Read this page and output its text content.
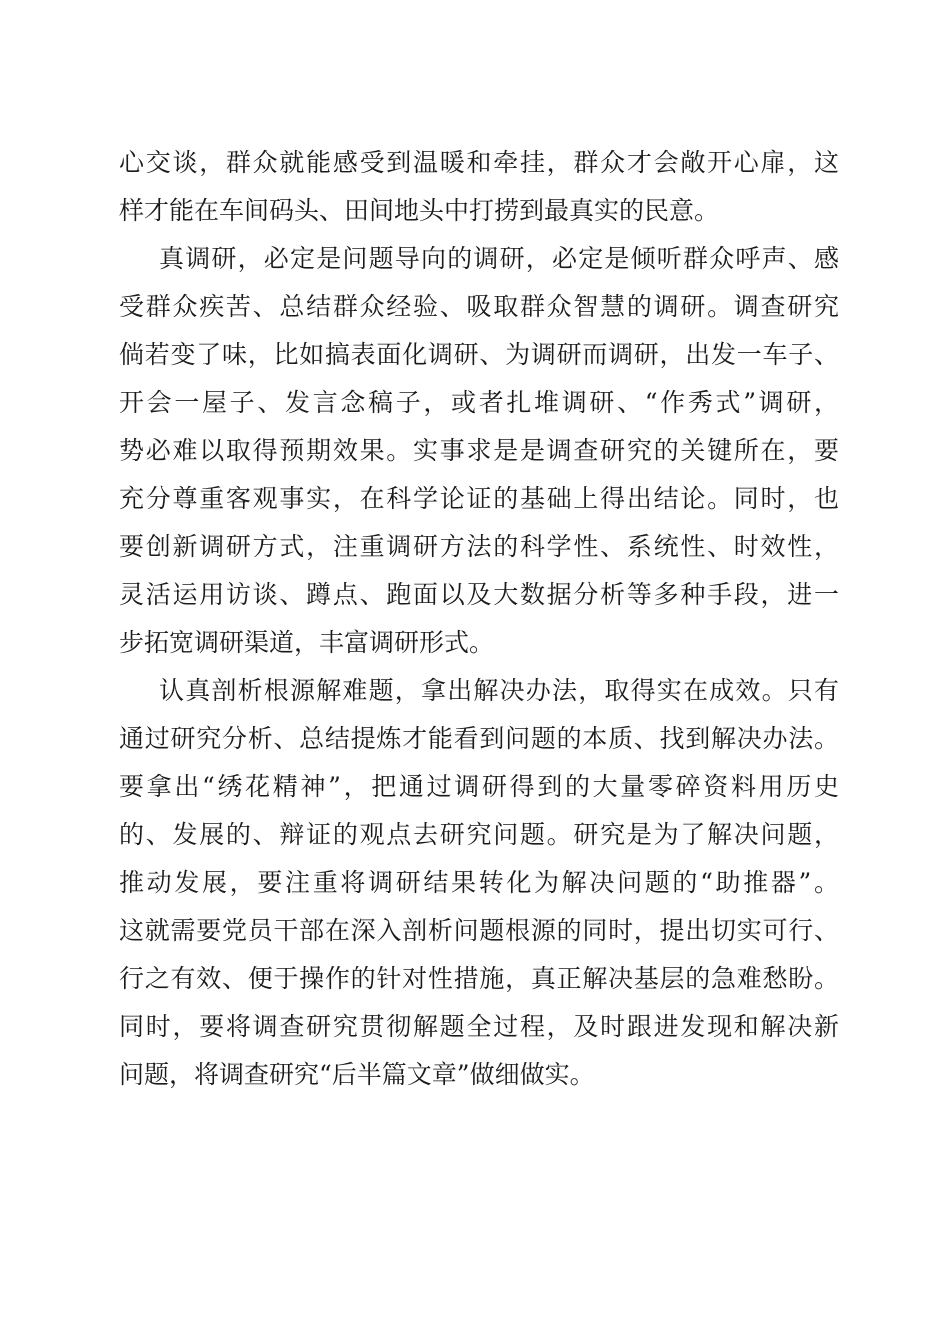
心交谈，群众就能感受到温暖和牵挂，群众才会敞开心扉，这
样才能在车间码头、田间地头中打捞到最真实的民意。
真调研，必定是问题导向的调研，必定是倾听群众呼声、感
受群众疾苦、总结群众经验、吸取群众智慧的调研。调查研究
倘若变了味，比如搞表面化调研、为调研而调研，出发一车子、
开会一屋子、发言念稿子，或者扎堆调研、“作秀式”调研，
势必难以取得预期效果。实事求是是调查研究的关键所在，要
充分尊重客观事实，在科学论证的基础上得出结论。同时，也
要创新调研方式，注重调研方法的科学性、系统性、时效性，
灵活运用访谈、蹲点、跑面以及大数据分析等多种手段，进一
步拓宽调研渠道，丰富调研形式。
认真剖析根源解难题，拿出解决办法，取得实在成效。只有
通过研究分析、总结提炼才能看到问题的本质、找到解决办法。
要拿出“绣花精神”，把通过调研得到的大量零碎资料用历史
的、发展的、辩证的观点去研究问题。研究是为了解决问题，
推动发展，要注重将调研结果转化为解决问题的“助推器”。
这就需要党员干部在深入剖析问题根源的同时，提出切实可行、
行之有效、便于操作的针对性措施，真正解决基层的急难愁盼。
同时，要将调查研究贯彻解题全过程，及时跟进发现和解决新
问题，将调查研究“后半篇文章”做细做实。
